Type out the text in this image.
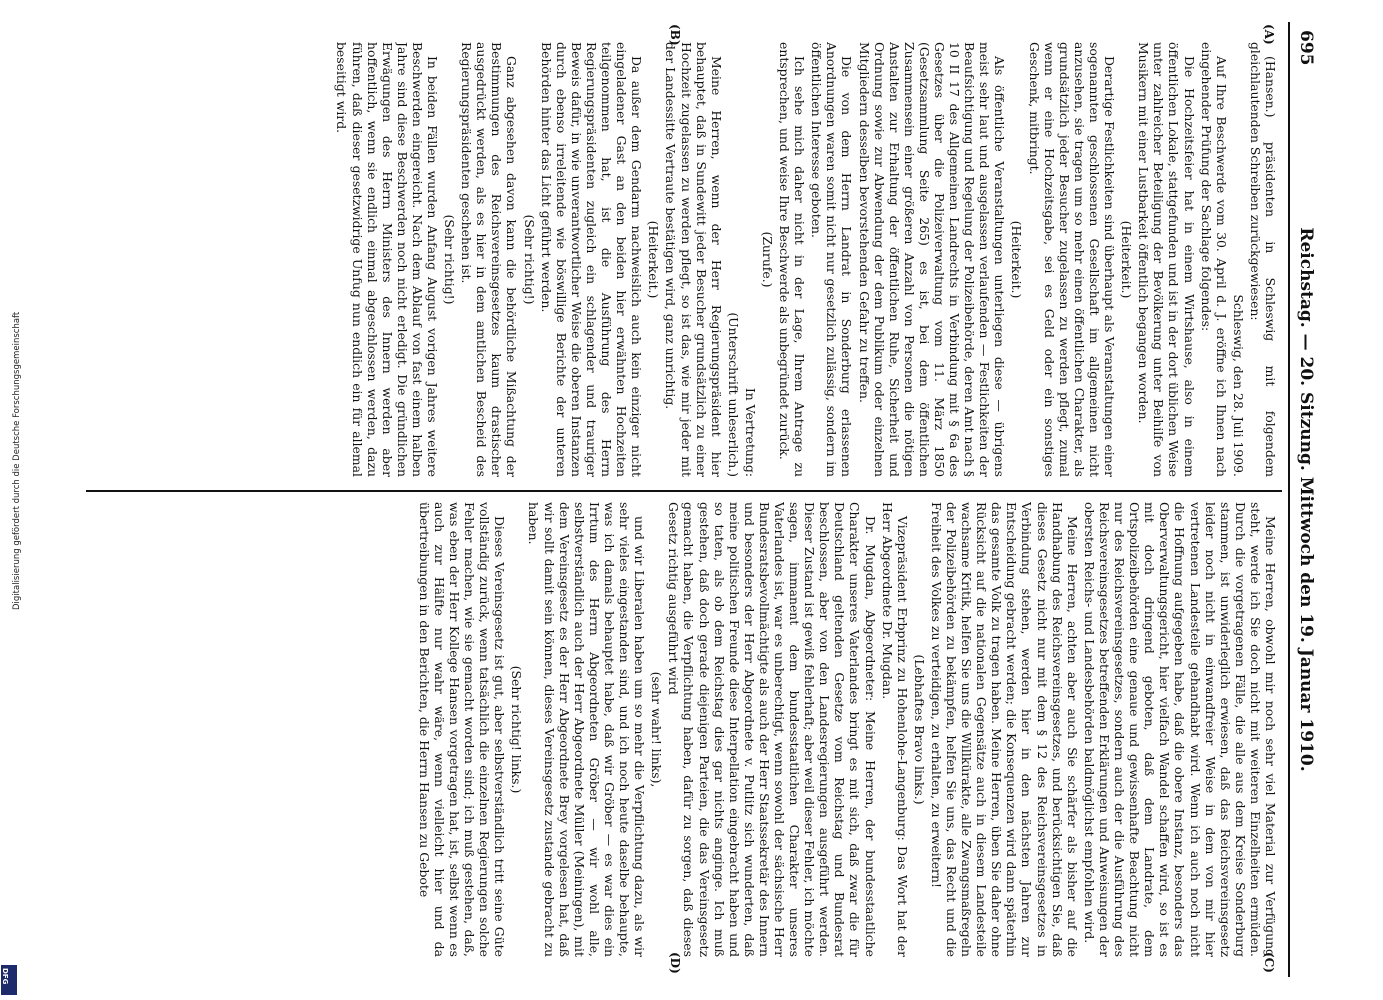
Digitalisierung gefördert durch die Deutsche Forschungsgemeinschaft
DFG
695
Reichstag. — 20. Sitzung. Mittwoch den 19. Januar 1910.
(A)
(B)
(C)
(D)

(Hansen.) präsidenten in Schleswig mit folgendem gleichlautenden Schreiben zurückgewiesen:

Schleswig, den 28. Juli 1909.

Auf Ihre Beschwerde vom 30. April d. J. eröffne ich Ihnen nach eingehender Prüfung der Sachlage folgendes:

Die Hochzeitsfeier hat in einem Wirtshause, also in einem öffentlichen Lokale, stattgefunden und ist in der dort üblichen Weise unter zahlreicher Beteiligung der Bevölkerung unter Beihilfe von Musikern mit einer Lustbarkeit öffentlich begangen worden.

(Heiterkeit.)

Derartige Festlichkeiten sind überhaupt als Veranstaltungen einer sogenannten geschlossenen Gesellschaft im allgemeinen nicht anzusehen, sie tragen um so mehr einen öffentlichen Charakter, als grundsätzlich jeder Besucher zugelassen zu werden pflegt, zumal wenn er eine Hochzeitsgabe, sei es Geld oder ein sonstiges Geschenk, mitbringt.

(Heiterkeit.)

Als öffentliche Veranstaltungen unterliegen diese — übrigens meist sehr laut und ausgelassen verlaufenden — Festlichkeiten der Beaufsichtigung und Regelung der Polizeibehörde, deren Amt nach § 10 II 17 des Allgemeinen Landrechts in Verbindung mit § 6a des Gesetzes über die Polizeiverwaltung vom 11. März 1850 (Gesetzsammlung Seite 265) es ist, bei dem öffentlichen Zusammensein einer größeren Anzahl von Personen die nötigen Anstalten zur Erhaltung der öffentlichen Ruhe, Sicherheit und Ordnung sowie zur Abwendung der dem Publikum oder einzelnen Mitgliedern desselben bevorstehenden Gefahr zu treffen.

Die von dem Herrn Landrat in Sonderburg erlassenen Anordnungen waren somit nicht nur gesetzlich zulässig, sondern im öffentlichen Interesse geboten.

Ich sehe mich daher nicht in der Lage, Ihrem Antrage zu entsprechen, und weise Ihre Beschwerde als unbegründet zurück.

(Zurufe.)

In Vertretung:

(Unterschrift unleserlich.)

Meine Herren, wenn der Herr Regierungspräsident hier behauptet, daß in Sundewitt jeder Besucher grundsätzlich zu einer Hochzeit zugelassen zu werden pflegt, so ist das, wie mir jeder mit der Landessitte Vertraute bestätigen wird, ganz unrichtig.

(Heiterkeit.)

Da außer dem Gendarm nachweislich auch kein einziger nicht eingeladener Gast an den beiden hier erwähnten Hochzeiten teilgenommen hat, ist die Ausführung des Herrn Regierungspräsidenten zugleich ein schlagender und trauriger Beweis dafür, in wie unverantwortlicher Weise die oberen Instanzen durch ebenso irreleitende wie böswillige Berichte der unteren Behörden hinter das Licht geführt werden.

(Sehr richtig!)

Ganz abgesehen davon kann die behördliche Mißachtung der Bestimmungen des Reichsvereinsgesetzes kaum drastischer ausgedrückt werden, als es hier in dem amtlichen Bescheid des Regierungspräsidenten geschehen ist.

(Sehr richtig!)

In beiden Fällen wurden Anfang August vorigen Jahres weitere Beschwerden eingereicht. Nach dem Ablauf von fast einem halben Jahre sind diese Beschwerden noch nicht erledigt. Die gründlichen Erwägungen des Herrn Ministers des Innern werden aber hoffentlich, wenn sie endlich einmal abgeschlossen werden, dazu führen, daß dieser gesetzwidrige Unfug nun endlich ein für allemal beseitigt wird.

Meine Herren, obwohl mir noch sehr viel Material zur Verfügung steht, werde ich Sie doch nicht mit weiteren Einzelheiten ermüden. Durch die vorgetragenen Fälle, die alle aus dem Kreise Sonderburg stammen, ist unwiderleglich erwiesen, daß das Reichsvereinsgesetz leider noch nicht in einwandfreier Weise in dem von mir hier vertretenen Landesteile gehandhabt wird. Wenn ich auch noch nicht die Hoffnung aufgegeben habe, daß die obere Instanz, besonders das Oberverwaltungsgericht, hier vielfach Wandel schaffen wird, so ist es mit doch dringend geboten, daß dem Landrate, dem Ortspolizeibehörden eine genaue und gewissenhafte Beachtung nicht nur des Reichsvereinsgesetzes, sondern auch der die Ausführung des Reichsvereinsgesetzes betreffenden Erklärungen und Anweisungen der obersten Reichs- und Landesbehörden baldmöglichst empfohlen wird.

Meine Herren, achten aber auch Sie schärfer als bisher auf die Handhabung des Reichsvereinsgesetzes, und berücksichtigen Sie, daß dieses Gesetz nicht nur mit dem § 12 des Reichsvereinsgesetzes in Verbindung stehen, werden hier in den nächsten Jahren zur Entscheidung gebracht werden; die Konsequenzen wird dann späterhin das gesamte Volk zu tragen haben. Meine Herren, üben Sie daher ohne Rücksicht auf die nationalen Gegensätze auch in diesem Landesteile wachsame Kritik, helfen Sie uns die Willkürakte, alle Zwangsmaßregeln der Polizeibehörden zu bekämpfen, helfen Sie uns, das Recht und die Freiheit des Volkes zu verteidigen, zu erhalten, zu erweitern!

(Lebhaftes Bravo links.)

Vizepräsident Erbprinz zu Hohenlohe-Langenburg: Das Wort hat der Herr Abgeordnete Dr. Mugdan.

Dr. Mugdan, Abgeordneter: Meine Herren, der bundesstaatliche Charakter unseres Vaterlandes bringt es mit sich, daß zwar die für Deutschland geltenden Gesetze vom Reichstag und Bundesrat beschlossen, aber von den Landesregierungen ausgeführt werden. Dieser Zustand ist gewiß fehlerhaft; aber weil dieser Fehler, ich möchte sagen, immanent dem bundesstaatlichen Charakter unseres Vaterlandes ist, war es unberechtigt, wenn sowohl der sächsische Herr Bundesratsbevollmächtigte als auch der Herr Staatssekretär des Innern und besonders der Herr Abgeordnete v. Putlitz sich wunderten, daß meine politischen Freunde diese Interpellation eingebracht haben und so taten, als ob dem Reichstag dies gar nichts anginge. Ich muß gestehen, daß doch gerade diejenigen Parteien, die das Vereinsgesetz gemacht haben, die Verpflichtung haben, dafür zu sorgen, daß dieses Gesetz richtig ausgeführt wird

(sehr wahr! links),

und wir Liberalen haben um so mehr die Verpflichtung dazu, als wir sehr vieles eingestanden sind, und ich noch heute daselbe behaupte, was ich damals behauptet habe, daß wir Gröber — es war dies ein Irrtum des Herrn Abgeordneten Gröber — wir wohl alle, selbstverständlich auch der Herr Abgeordnete Müller (Meiningen), mit dem Vereinsgesetz es der Herr Abgeordnete Brey vorgelesen hat, daß wir sollt damit sein können, dieses Vereinsgesetz zustande gebracht zu haben.

(Sehr richtig! links.)

Dieses Vereinsgesetz ist gut, aber selbstverständlich tritt seine Güte vollständig zurück, wenn tatsächlich die einzelnen Regierungen solche Fehler machen, wie sie gemacht worden sind; ich muß gestehen, daß, was eben der Herr Kollege Hansen vorgetragen hat, ist, selbst wenn es auch zur Hälfte nur wahr wäre, wenn vielleicht hier und da übertreibungen in den Berichten, die Herrn Hansen zu Gebote
